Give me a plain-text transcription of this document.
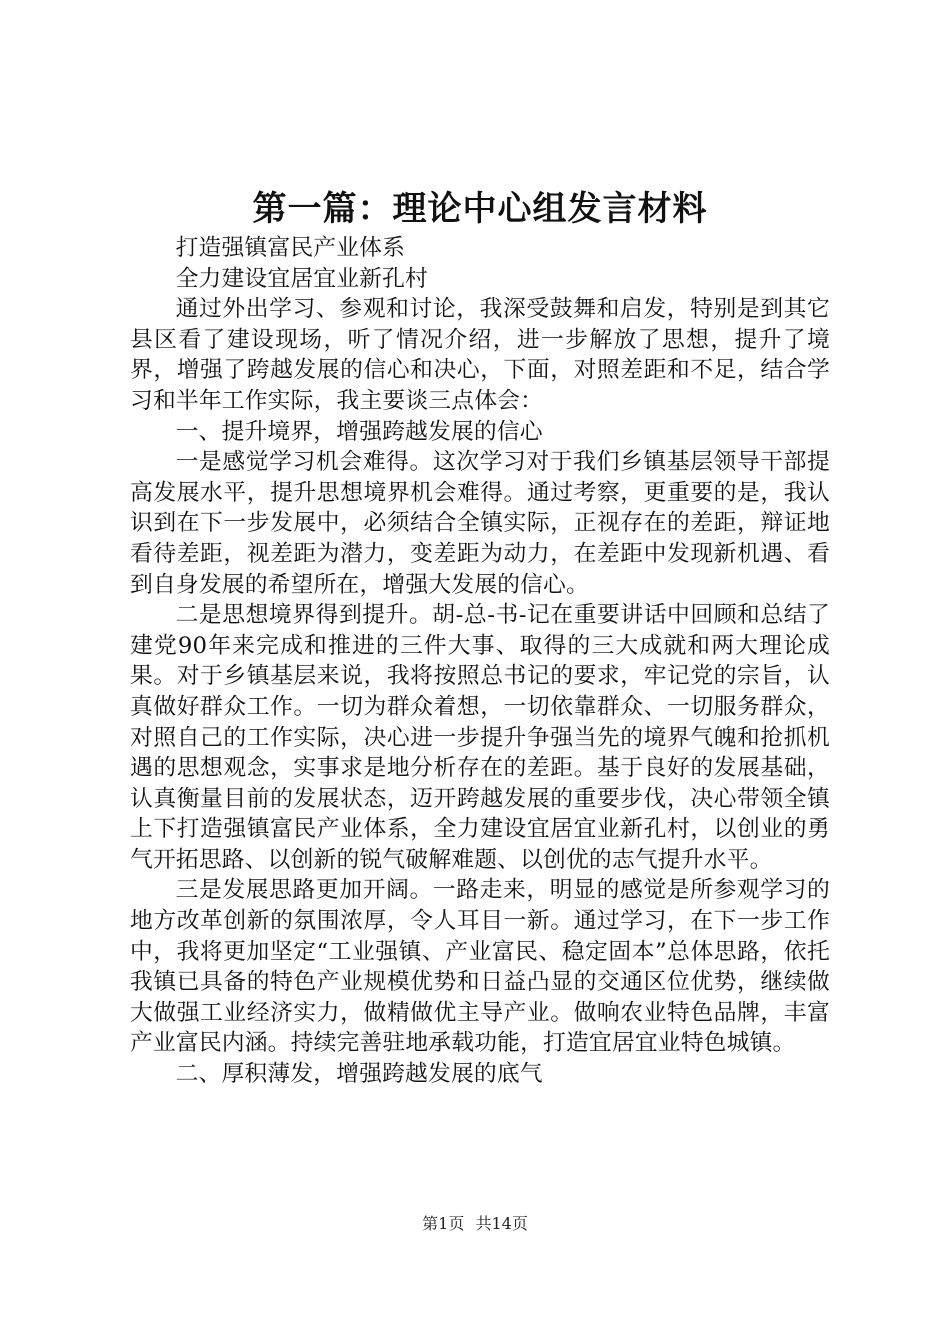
第一篇：理论中心组发言材料

打造强镇富民产业体系

全力建设宜居宜业新孔村

通过外出学习、参观和讨论，我深受鼓舞和启发，特别是到其它县区看了建设现场，听了情况介绍，进一步解放了思想，提升了境界，增强了跨越发展的信心和决心，下面，对照差距和不足，结合学习和半年工作实际，我主要谈三点体会：

一、提升境界，增强跨越发展的信心

一是感觉学习机会难得。这次学习对于我们乡镇基层领导干部提高发展水平，提升思想境界机会难得。通过考察，更重要的是，我认识到在下一步发展中，必须结合全镇实际，正视存在的差距，辩证地看待差距，视差距为潜力，变差距为动力，在差距中发现新机遇、看到自身发展的希望所在，增强大发展的信心。

二是思想境界得到提升。胡-总-书-记在重要讲话中回顾和总结了建党90年来完成和推进的三件大事、取得的三大成就和两大理论成果。对于乡镇基层来说，我将按照总书记的要求，牢记党的宗旨，认真做好群众工作。一切为群众着想，一切依靠群众、一切服务群众，对照自己的工作实际，决心进一步提升争强当先的境界气魄和抢抓机遇的思想观念，实事求是地分析存在的差距。基于良好的发展基础，认真衡量目前的发展状态，迈开跨越发展的重要步伐，决心带领全镇上下打造强镇富民产业体系，全力建设宜居宜业新孔村，以创业的勇气开拓思路、以创新的锐气破解难题、以创优的志气提升水平。

三是发展思路更加开阔。一路走来，明显的感觉是所参观学习的地方改革创新的氛围浓厚，令人耳目一新。通过学习，在下一步工作中，我将更加坚定“工业强镇、产业富民、稳定固本”总体思路，依托我镇已具备的特色产业规模优势和日益凸显的交通区位优势，继续做大做强工业经济实力，做精做优主导产业。做响农业特色品牌，丰富产业富民内涵。持续完善驻地承载功能，打造宜居宜业特色城镇。

二、厚积薄发，增强跨越发展的底气

第1页 共14页
